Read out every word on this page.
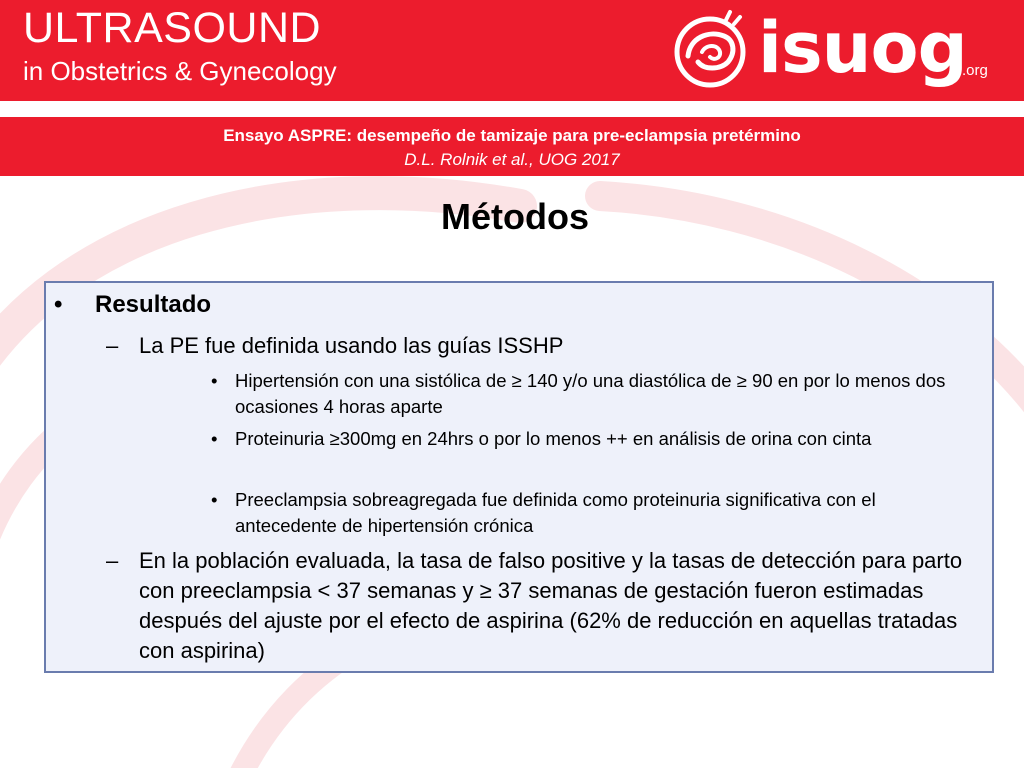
ULTRASOUND
in Obstetrics & Gynecology	isuog
.org
Ensayo ASPRE: desempeño de tamizaje para pre-eclampsia pretérmino
D.L. Rolnik et al., UOG 2017
Métodos
• Resultado
– La PE fue definida usando las guías ISSHP
• Hipertensión con una sistólica de ≥ 140 y/o una diastólica de ≥ 90 en por lo menos dos ocasiones 4 horas aparte
• Proteinuria ≥300mg en 24hrs o por lo menos ++ en análisis de orina con cinta
• Preeclampsia sobreagregada fue definida como proteinuria significativa con el antecedente de hipertensión crónica
– En la población evaluada, la tasa de falso positive y la tasas de detección para parto con preeclampsia < 37 semanas y ≥ 37 semanas de gestación fueron estimadas después del ajuste por el efecto de aspirina (62% de reducción en aquellas tratadas con aspirina)
